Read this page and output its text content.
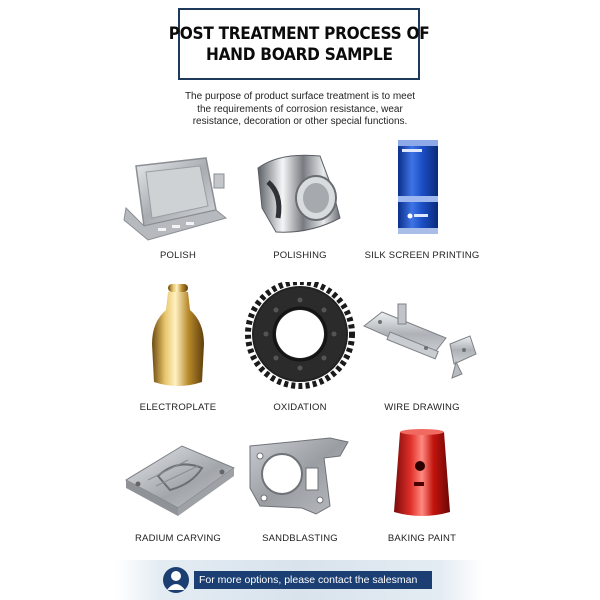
POST TREATMENT PROCESS OF
HAND BOARD SAMPLE
The purpose of product surface treatment is to meet
the requirements of corrosion resistance, wear
resistance, decoration or other special functions.
POLISH	POLISHING	SILK SCREEN PRINTING
ELECTROPLATE	OXIDATION	WIRE DRAWING
RADIUM CARVING	SANDBLASTING	BAKING PAINT
For more options, please contact the salesman
